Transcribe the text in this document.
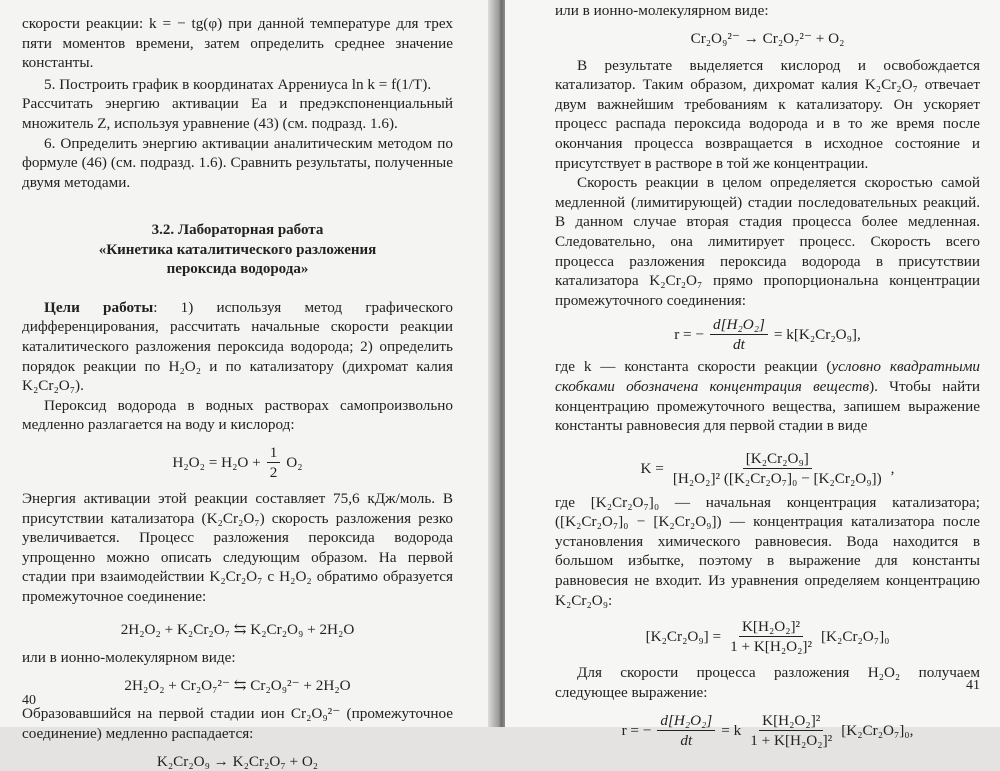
скорости реакции: k = − tg(φ) при данной температуре для трех пяти моментов времени, затем определить среднее значение константы.

5. Построить график в координатах Аррениуса ln k = f(1/T).

Рассчитать энергию активации Eа и предэкспоненциальный множитель Z, используя уравнение (43) (см. подразд. 1.6).

6. Определить энергию активации аналитическим методом по формуле (46) (см. подразд. 1.6). Сравнить результаты, полученные двумя методами.

3.2. Лабораторная работа
«Кинетика каталитического разложения
пероксида водорода»

Цели работы: 1) используя метод графического дифференцирования, рассчитать начальные скорости реакции каталитического разложения пероксида водорода; 2) определить порядок реакции по H₂O₂ и по катализатору (дихромат калия K₂Cr₂O₇).

Пероксид водорода в водных растворах самопроизвольно медленно разлагается на воду и кислород:

$H_2O_2 = H_2O + \frac{1}{2} O_2$

Энергия активации этой реакции составляет 75,6 кДж/моль. В присутствии катализатора (K₂Cr₂O₇) скорость разложения резко увеличивается. Процесс разложения пероксида водорода упрощенно можно описать следующим образом. На первой стадии при взаимодействии K₂Cr₂O₇ с H₂O₂ обратимо образуется промежуточное соединение:

2H₂O₂ + K₂Cr₂O₇ ⇆ K₂Cr₂O₉ + 2H₂O

или в ионно-молекулярном виде:

2H₂O₂ + Cr₂O₇²⁻ ⇆ Cr₂O₉²⁻ + 2H₂O

Образовавшийся на первой стадии ион Cr₂O₉²⁻ (промежуточное соединение) медленно распадается:

K₂Cr₂O₉ → K₂Cr₂O₇ + O₂
40

или в ионно-молекулярном виде:

Cr₂O₉²⁻ → Cr₂O₇²⁻ + O₂

В результате выделяется кислород и освобождается катализатор. Таким образом, дихромат калия K₂Cr₂O₇ отвечает двум важнейшим требованиям к катализатору. Он ускоряет процесс распада пероксида водорода и в то же время после окончания процесса возвращается в исходное состояние и присутствует в растворе в той же концентрации.

Скорость реакции в целом определяется скоростью самой медленной (лимитирующей) стадии последовательных реакций. В данном случае вторая стадия процесса более медленная. Следовательно, она лимитирует процесс. Скорость всего процесса разложения пероксида водорода в присутствии катализатора K₂Cr₂O₇ прямо пропорциональна концентрации промежуточного соединения:

r = − $\frac{\text{d[H₂O₂]}}{dt} = k[K_2Cr_2O_9]$,

где k — константа скорости реакции (условно квадратными скобками обозначена концентрация веществ). Чтобы найти концентрацию промежуточного вещества, запишем выражение константы равновесия для первой стадии в виде

$K = \frac{\text{[K₂Cr₂O₉]}}{\text{[H₂O₂]² ([K₂Cr₂O₇]₀ − [K₂Cr₂O₉])}}$ ,

где [K₂Cr₂O₇]₀ — начальная концентрация катализатора; ([K₂Cr₂O₇]₀ − [K₂Cr₂O₉]) — концентрация катализатора после установления химического равновесия. Вода находится в большом избытке, поэтому в выражение для константы равновесия не входит. Из уравнения определяем концентрацию K₂Cr₂O₉:

$[K_2Cr_2O_9] = \frac{\text{K[H₂O₂]²}}{\text{1 + K[H₂O₂]²}} [K_2Cr_2O_7]_0$

Для скорости процесса разложения H₂O₂ получаем следующее выражение:

r = − $\frac{\text{d[H₂O₂]}}{dt} = k \frac{\text{K[H₂O₂]²}}{\text{1 + K[H₂O₂]²}} [K_2Cr_2O_7]_0$,
41
